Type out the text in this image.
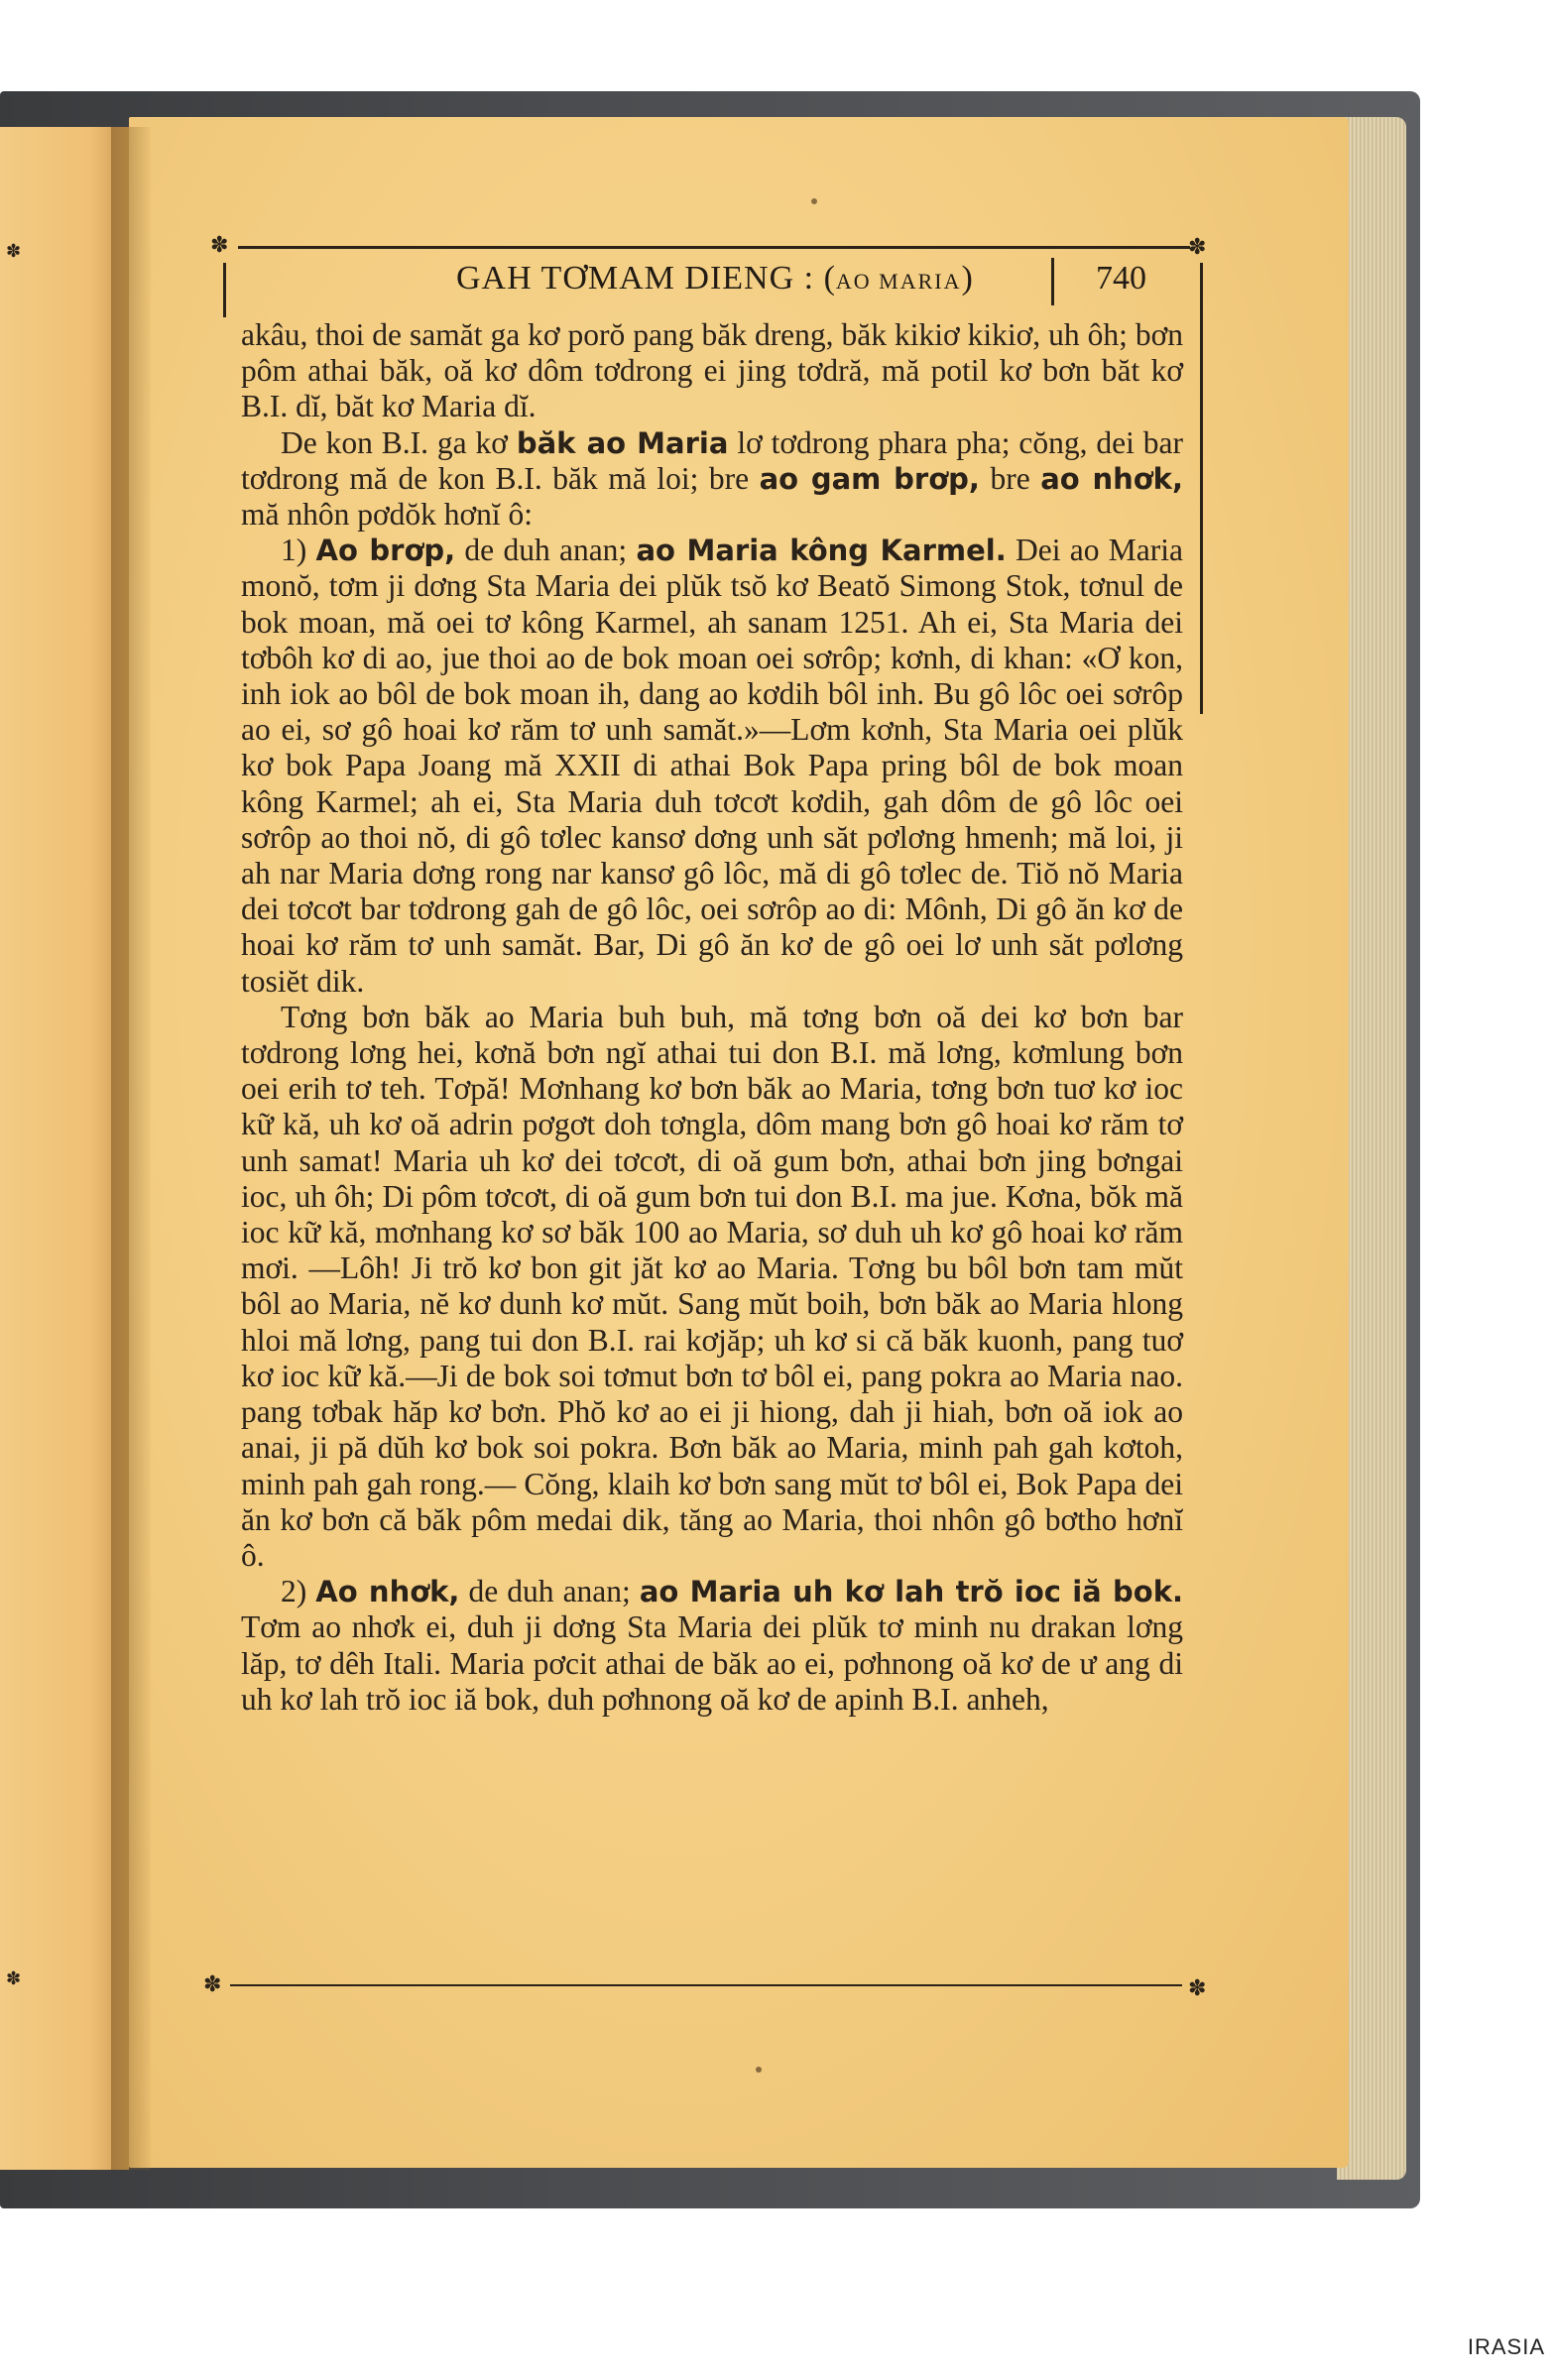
✽
✽
✽	✽
GAH TƠMAM DIENG : (AO MARIA)	740

akâu, thoi de samăt ga kơ porŏ pang băk dreng, băk kikiơ kikiơ, uh ôh; bơn pôm athai băk, oă kơ dôm tơdrong ei jing tơdră, mă potil kơ bơn băt kơ B.I. dĭ, băt kơ Maria dĭ.

De kon B.I. ga kơ băk ao Maria lơ tơdrong phara pha; cŏng, dei bar tơdrong mă de kon B.I. băk mă loi; bre ao gam brơp, bre ao nhơk, mă nhôn pơdŏk hơnĭ ô:

1) Ao brơp, de duh anan; ao Maria kông Karmel. Dei ao Maria monŏ, tơm ji dơng Sta Maria dei plŭk tsŏ kơ Beatŏ Simong Stok, tơnul de bok moan, mă oei tơ kông Karmel, ah sanam 1251. Ah ei, Sta Maria dei tơbôh kơ di ao, jue thoi ao de bok moan oei sơrôp; kơnh, di khan: «Ơ kon, inh iok ao bôl de bok moan ih, dang ao kơdih bôl inh. Bu gô lôc oei sơrôp ao ei, sơ gô hoai kơ răm tơ unh samăt.»—Lơm kơnh, Sta Maria oei plŭk kơ bok Papa Joang mă XXII di athai Bok Papa pring bôl de bok moan kông Karmel; ah ei, Sta Maria duh tơcơt kơdih, gah dôm de gô lôc oei sơrôp ao thoi nŏ, di gô tơlec kansơ dơng unh săt pơlơng hmenh; mă loi, ji ah nar Maria dơng rong nar kansơ gô lôc, mă di gô tơlec de. Tiŏ nŏ Maria dei tơcơt bar tơdrong gah de gô lôc, oei sơrôp ao di: Mônh, Di gô ăn kơ de hoai kơ răm tơ unh samăt. Bar, Di gô ăn kơ de gô oei lơ unh săt pơlơng tosiĕt dik.

Tơng bơn băk ao Maria buh buh, mă tơng bơn oă dei kơ bơn bar tơdrong lơng hei, kơnă bơn ngĭ athai tui don B.I. mă lơng, kơmlung bơn oei erih tơ teh. Tơpă! Mơnhang kơ bơn băk ao Maria, tơng bơn tuơ kơ ioc kữ kă, uh kơ oă adrin pơgơt doh tơngla, dôm mang bơn gô hoai kơ răm tơ unh samat! Maria uh kơ dei tơcơt, di oă gum bơn, athai bơn jing bơngai ioc, uh ôh; Di pôm tơcơt, di oă gum bơn tui don B.I. ma jue. Kơna, bŏk mă ioc kữ kă, mơnhang kơ sơ băk 100 ao Maria, sơ duh uh kơ gô hoai kơ răm mơi. —Lôh! Ji trŏ kơ bon git jăt kơ ao Maria. Tơng bu bôl bơn tam mŭt bôl ao Maria, nĕ kơ dunh kơ mŭt. Sang mŭt boih, bơn băk ao Maria hlong hloi mă lơng, pang tui don B.I. rai kơjăp; uh kơ si că băk kuonh, pang tuơ kơ ioc kữ kă.—Ji de bok soi tơmut bơn tơ bôl ei, pang pokra ao Maria nao. pang tơbak hăp kơ bơn. Phŏ kơ ao ei ji hiong, dah ji hiah, bơn oă iok ao anai, ji pă dŭh kơ bok soi pokra. Bơn băk ao Maria, minh pah gah kơtoh, minh pah gah rong.— Cŏng, klaih kơ bơn sang mŭt tơ bôl ei, Bok Papa dei ăn kơ bơn că băk pôm medai dik, tăng ao Maria, thoi nhôn gô bơtho hơnĭ ô.

2) Ao nhơk, de duh anan; ao Maria uh kơ lah trŏ ioc iă bok. Tơm ao nhơk ei, duh ji dơng Sta Maria dei plŭk tơ minh nu drakan lơng lăp, tơ dêh Itali. Maria pơcit athai de băk ao ei, pơhnong oă kơ de ư ang di uh kơ lah trŏ ioc iă bok, duh pơhnong oă kơ de apinh B.I. anheh,

✽	✽
IRASIA
